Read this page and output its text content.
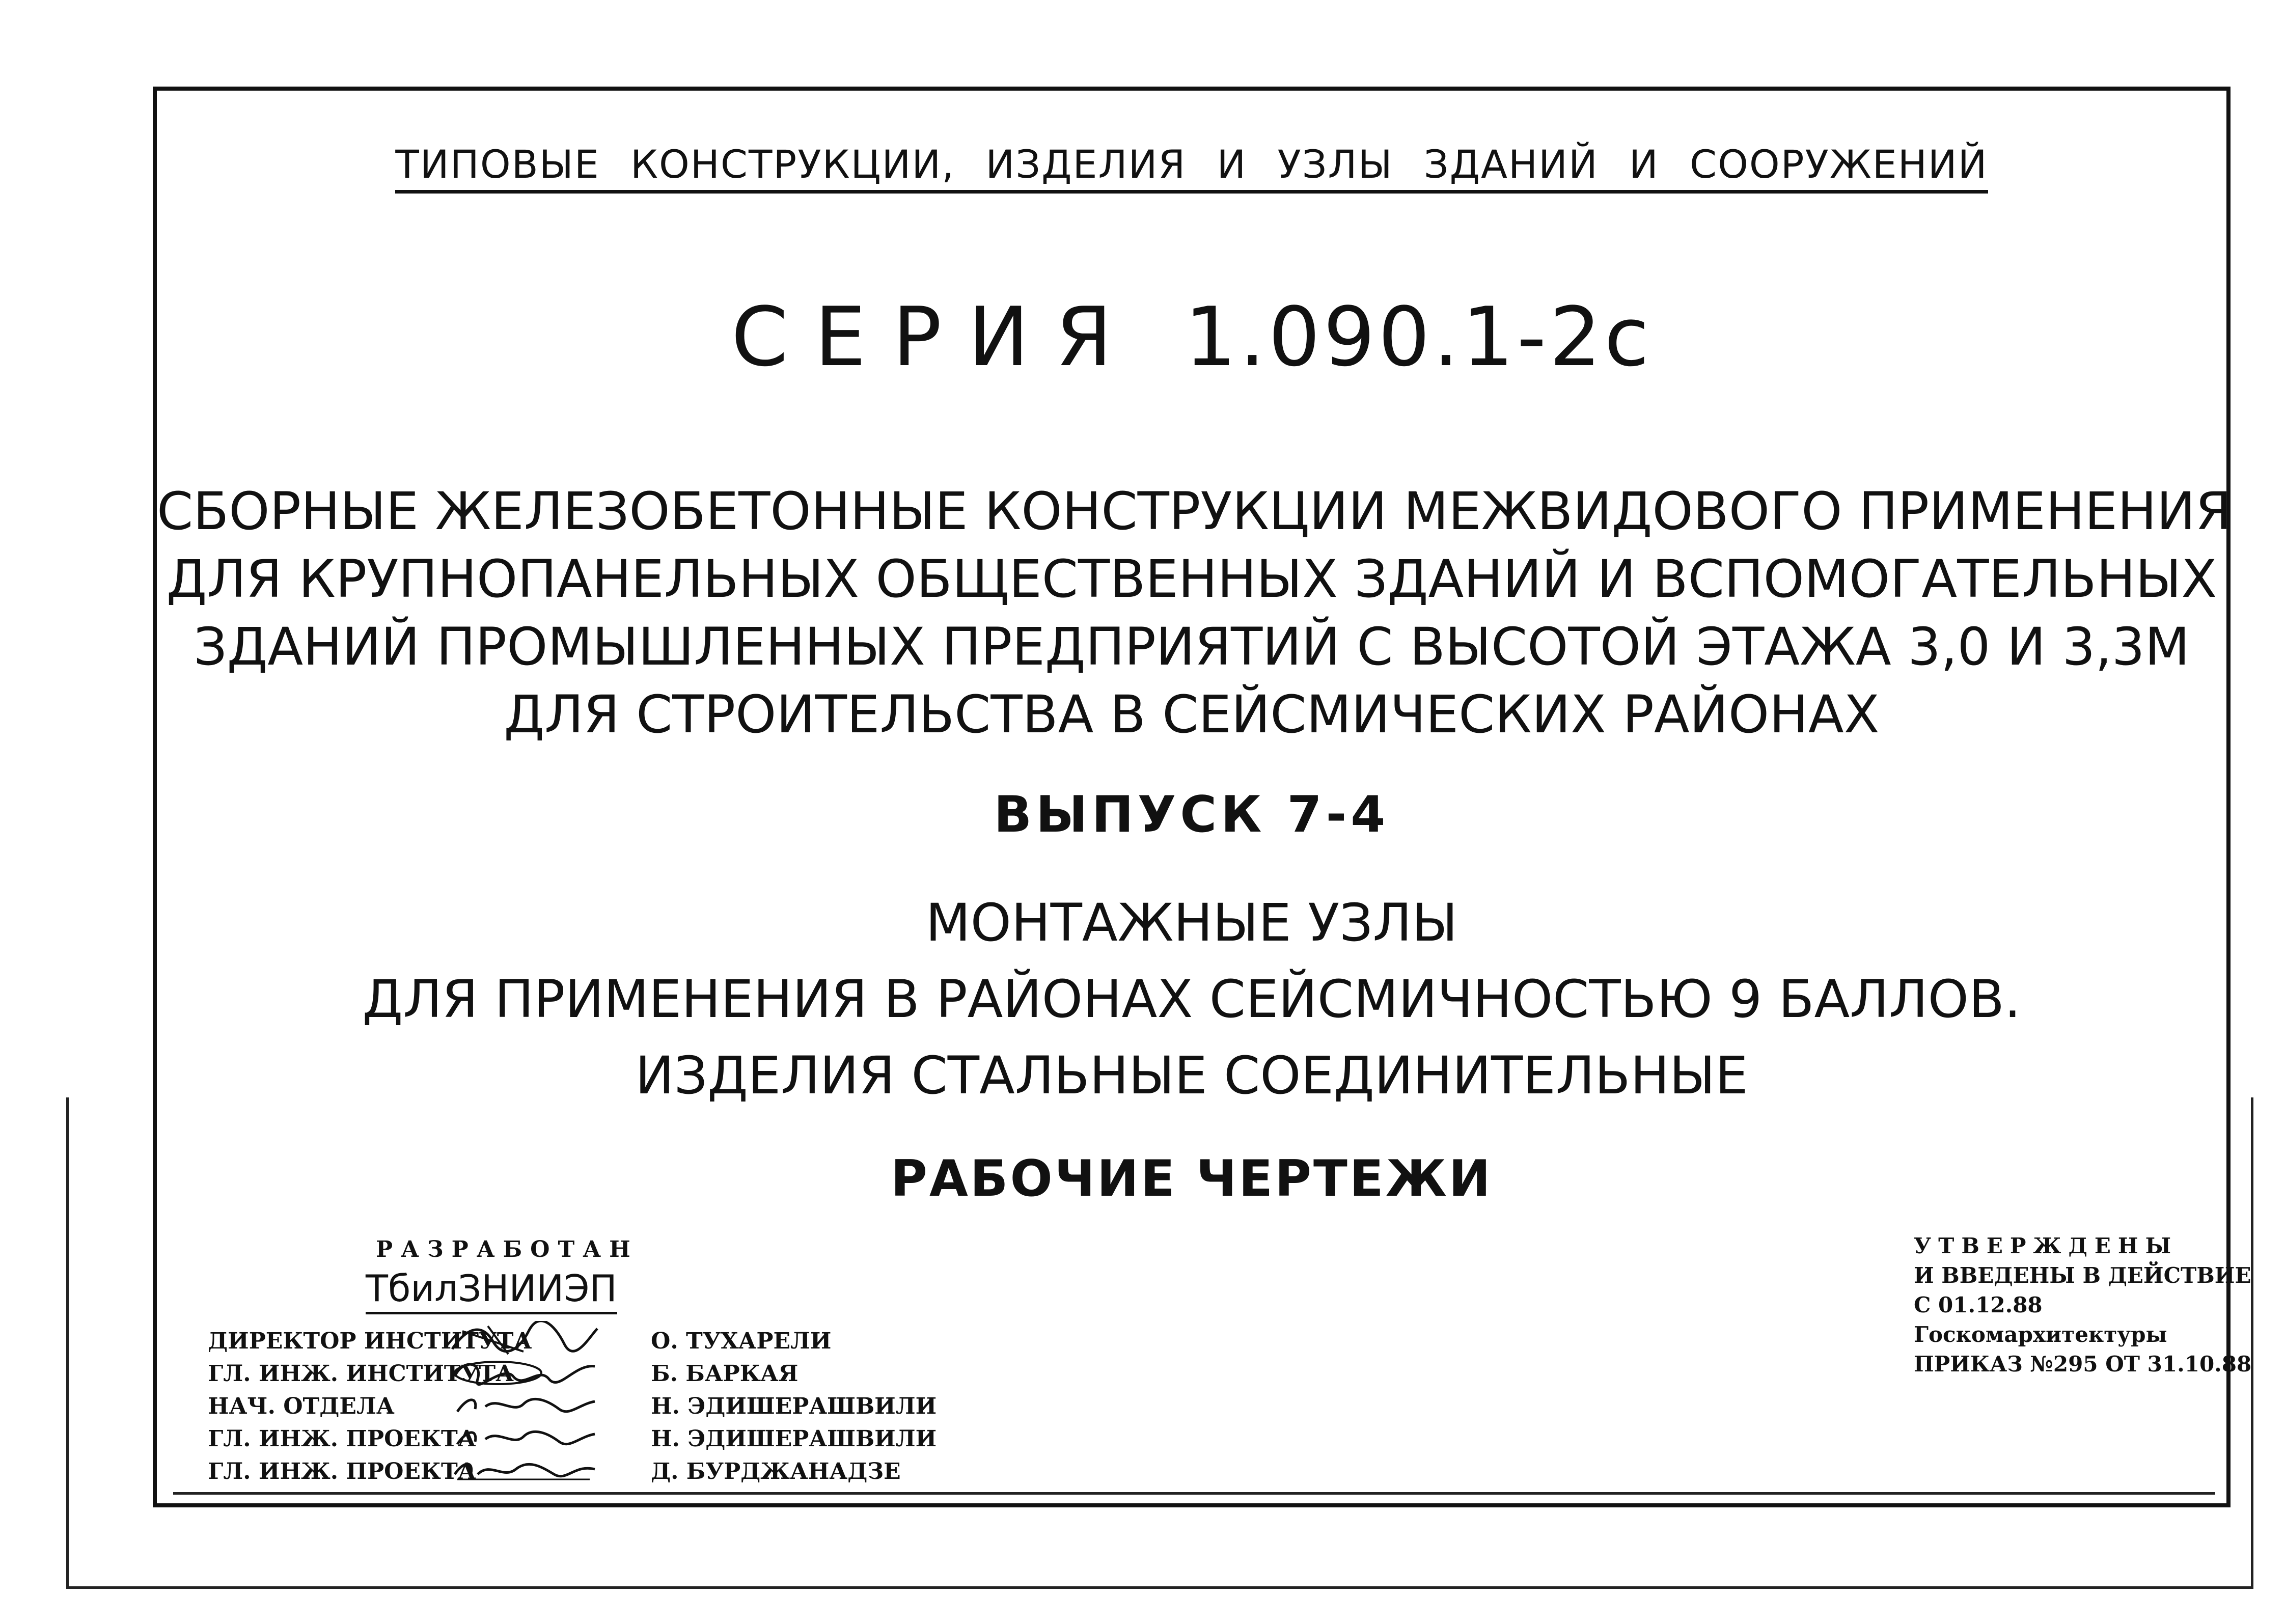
ТИПОВЫЕ КОНСТРУКЦИИ, ИЗДЕЛИЯ И УЗЛЫ ЗДАНИЙ И СООРУЖЕНИЙ
СЕРИЯ 1.090.1-2с
СБОРНЫЕ ЖЕЛЕЗОБЕТОННЫЕ КОНСТРУКЦИИ МЕЖВИДОВОГО ПРИМЕНЕНИЯ
ДЛЯ КРУПНОПАНЕЛЬНЫХ ОБЩЕСТВЕННЫХ ЗДАНИЙ И ВСПОМОГАТЕЛЬНЫХ
ЗДАНИЙ ПРОМЫШЛЕННЫХ ПРЕДПРИЯТИЙ С ВЫСОТОЙ ЭТАЖА 3,0 И 3,3М
ДЛЯ СТРОИТЕЛЬСТВА В СЕЙСМИЧЕСКИХ РАЙОНАХ
ВЫПУСК 7-4
МОНТАЖНЫЕ УЗЛЫ
ДЛЯ ПРИМЕНЕНИЯ В РАЙОНАХ СЕЙСМИЧНОСТЬЮ 9 БАЛЛОВ.
ИЗДЕЛИЯ СТАЛЬНЫЕ СОЕДИНИТЕЛЬНЫЕ
РАБОЧИЕ ЧЕРТЕЖИ
РАЗРАБОТАН
ТбилЗНИИЭП
ДИРЕКТОР ИНСТИТУТА	О. ТУХАРЕЛИ
ГЛ. ИНЖ. ИНСТИТУТА	Б. БАРКАЯ
НАЧ. ОТДЕЛА	Н. ЭДИШЕРАШВИЛИ
ГЛ. ИНЖ. ПРОЕКТА	Н. ЭДИШЕРАШВИЛИ
ГЛ. ИНЖ. ПРОЕКТА	Д. БУРДЖАНАДЗЕ
УТВЕРЖДЕНЫ
И ВВЕДЕНЫ В ДЕЙСТВИЕ
С 01.12.88
Госкомархитектуры
ПРИКАЗ №295 ОТ 31.10.88
